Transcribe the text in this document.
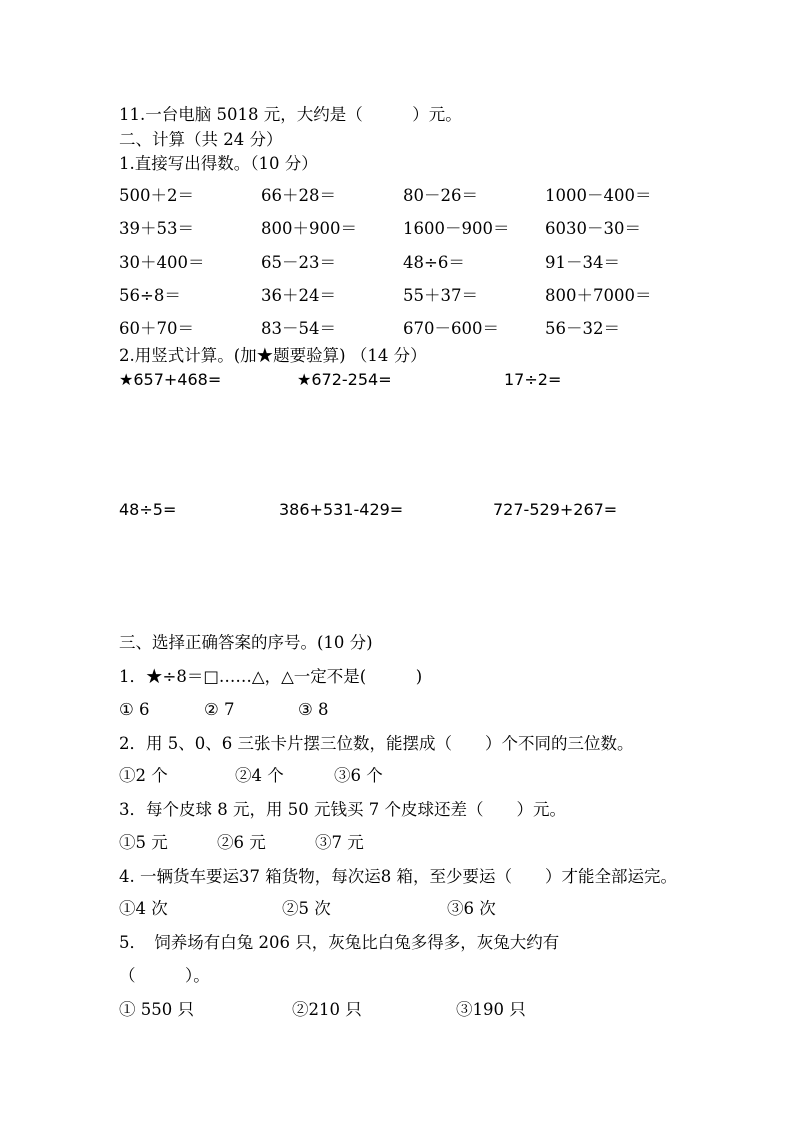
11.一台电脑 5018 元，大约是（　　　）元。
二、计算（共 24 分）
1.直接写出得数。（10 分）
500＋2＝	66＋28＝	80－26＝	1000－400＝
39＋53＝	800＋900＝	1600－900＝ 6030－30＝
30＋400＝	65－23＝	48÷6＝	91－34＝
56÷8＝	36＋24＝	55＋37＝	800＋7000＝
60＋70＝	83－54＝	670－600＝	56－32＝
2.用竖式计算。(加★题要验算) （14 分）
★657+468=	★672-254=	17÷2=
48÷5=	386+531-429=	727-529+267=
三、选择正确答案的序号。(10 分)
1．★÷8＝□……△，△一定不是(　　　)
① 6	② 7	③ 8
2．用 5、0、6 三张卡片摆三位数，能摆成（　　）个不同的三位数。
①2 个	②4 个	③6 个
3．每个皮球 8 元，用 50 元钱买 7 个皮球还差（　　）元。
①5 元	②6 元	③7 元
4. 一辆货车要运37 箱货物，每次运8 箱，至少要运（　　）才能全部运完。
①4 次	②5 次	③6 次
5．　饲养场有白兔 206 只，灰兔比白兔多得多，灰兔大约有
（　　　）。
① 550 只	②210 只	③190 只
